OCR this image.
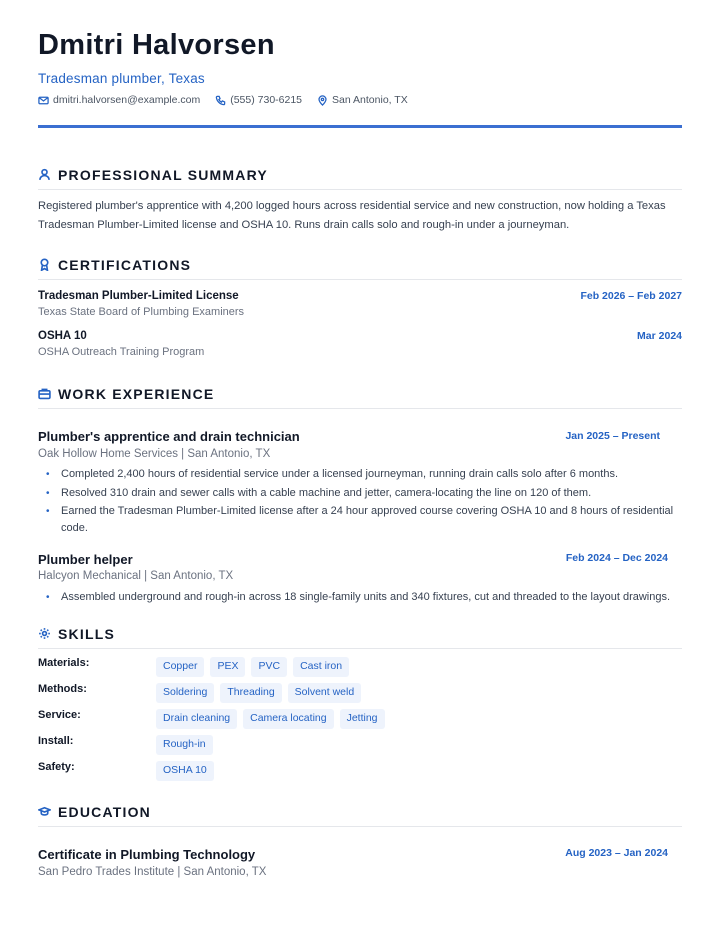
Dmitri Halvorsen

Tradesman plumber, Texas

dmitri.halvorsen@example.com	(555) 730-6215	San Antonio, TX
PROFESSIONAL SUMMARY

Registered plumber's apprentice with 4,200 logged hours across residential service and new construction, now holding a Texas Tradesman Plumber-Limited license and OSHA 10. Runs drain calls solo and rough-in under a journeyman.

CERTIFICATIONS
Tradesman Plumber-Limited License	Feb 2026 – Feb 2027
Texas State Board of Plumbing Examiners
OSHA 10	Mar 2024
OSHA Outreach Training Program
WORK EXPERIENCE
Plumber's apprentice and drain technician	Jan 2025 – Present
Oak Hollow Home Services | San Antonio, TX
• Completed 2,400 hours of residential service under a licensed journeyman, running drain calls solo after 6 months.
• Resolved 310 drain and sewer calls with a cable machine and jetter, camera-locating the line on 120 of them.
• Earned the Tradesman Plumber-Limited license after a 24 hour approved course covering OSHA 10 and 8 hours of residential code.
Plumber helper	Feb 2024 – Dec 2024
Halcyon Mechanical | San Antonio, TX
• Assembled underground and rough-in across 18 single-family units and 340 fixtures, cut and threaded to the layout drawings.
SKILLS
Materials:	Copper	PEX	PVC	Cast iron
Methods:	Soldering	Threading	Solvent weld
Service:	Drain cleaning	Camera locating	Jetting
Install:	Rough-in
Safety:	OSHA 10
EDUCATION
Certificate in Plumbing Technology	Aug 2023 – Jan 2024
San Pedro Trades Institute | San Antonio, TX
